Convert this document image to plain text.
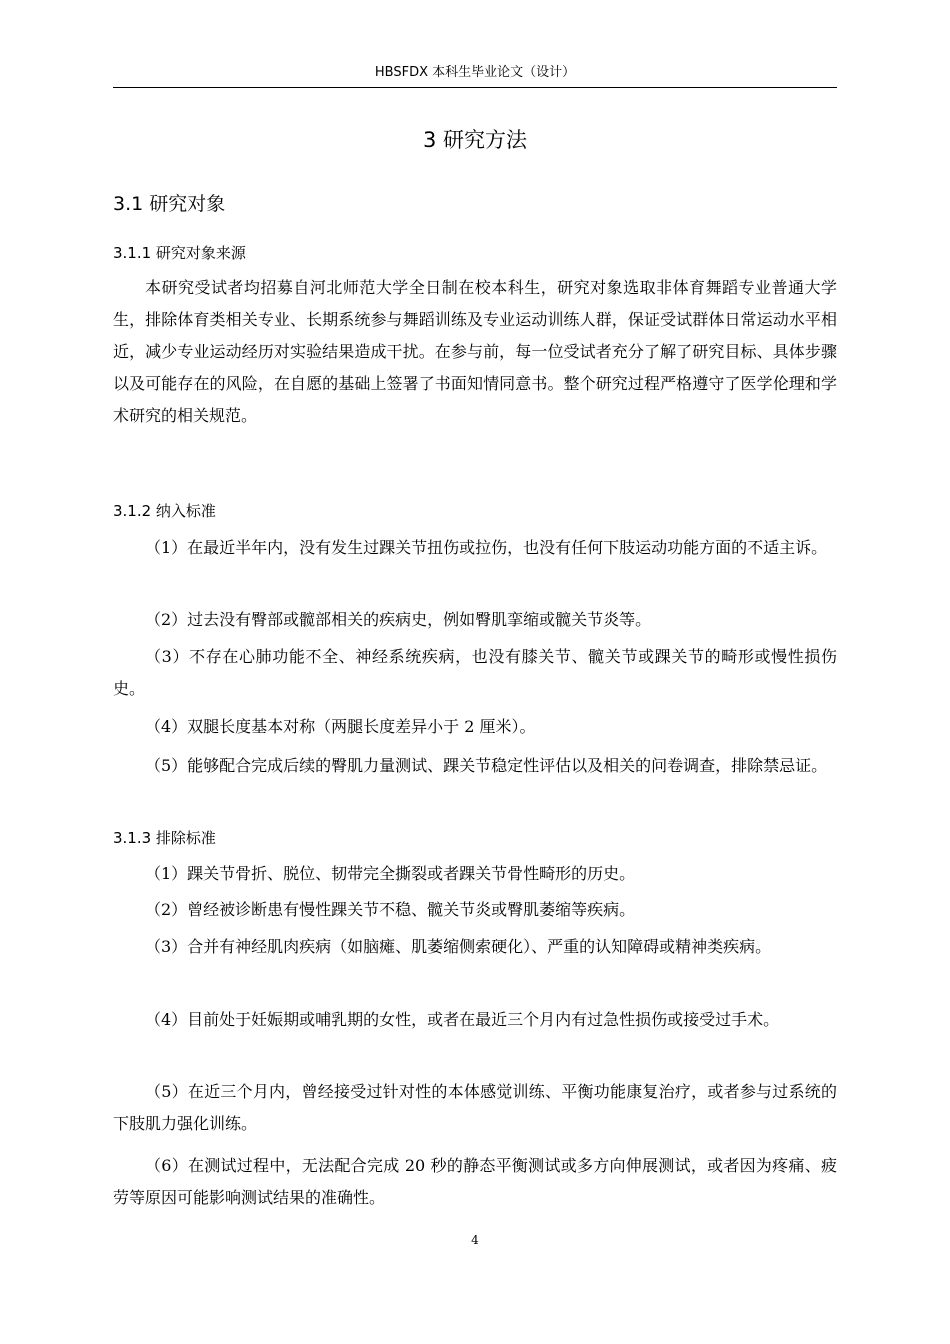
HBSFDX 本科生毕业论文（设计）
3 研究方法
3.1 研究对象
3.1.1 研究对象来源

本研究受试者均招募自河北师范大学全日制在校本科生，研究对象选取非体育舞蹈专业普通大学生，排除体育类相关专业、长期系统参与舞蹈训练及专业运动训练人群，保证受试群体日常运动水平相近，减少专业运动经历对实验结果造成干扰。在参与前，每一位受试者充分了解了研究目标、具体步骤以及可能存在的风险，在自愿的基础上签署了书面知情同意书。整个研究过程严格遵守了医学伦理和学术研究的相关规范。

3.1.2 纳入标准

（1）在最近半年内，没有发生过踝关节扭伤或拉伤，也没有任何下肢运动功能方面的不适主诉。

（2）过去没有臀部或髋部相关的疾病史，例如臀肌挛缩或髋关节炎等。

（3）不存在心肺功能不全、神经系统疾病，也没有膝关节、髋关节或踝关节的畸形或慢性损伤史。

（4）双腿长度基本对称（两腿长度差异小于 2 厘米）。

（5）能够配合完成后续的臀肌力量测试、踝关节稳定性评估以及相关的问卷调查，排除禁忌证。

3.1.3 排除标准

（1）踝关节骨折、脱位、韧带完全撕裂或者踝关节骨性畸形的历史。

（2）曾经被诊断患有慢性踝关节不稳、髋关节炎或臀肌萎缩等疾病。

（3）合并有神经肌肉疾病（如脑瘫、肌萎缩侧索硬化）、严重的认知障碍或精神类疾病。

（4）目前处于妊娠期或哺乳期的女性，或者在最近三个月内有过急性损伤或接受过手术。

（5）在近三个月内，曾经接受过针对性的本体感觉训练、平衡功能康复治疗，或者参与过系统的下肢肌力强化训练。

（6）在测试过程中，无法配合完成 20 秒的静态平衡测试或多方向伸展测试，或者因为疼痛、疲劳等原因可能影响测试结果的准确性。

4
